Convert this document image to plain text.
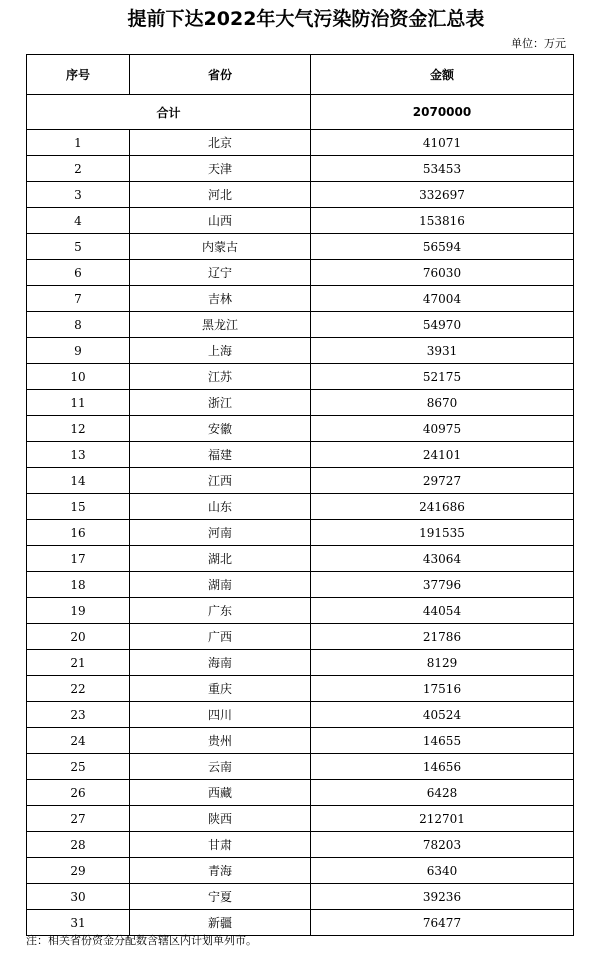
提前下达2022年大气污染防治资金汇总表
单位：万元
序号	省份	金额
合计		2070000
1	北京	41071
2	天津	53453
3	河北	332697
4	山西	153816
5	内蒙古	56594
6	辽宁	76030
7	吉林	47004
8	黑龙江	54970
9	上海	3931
10	江苏	52175
11	浙江	8670
12	安徽	40975
13	福建	24101
14	江西	29727
15	山东	241686
16	河南	191535
17	湖北	43064
18	湖南	37796
19	广东	44054
20	广西	21786
21	海南	8129
22	重庆	17516
23	四川	40524
24	贵州	14655
25	云南	14656
26	西藏	6428
27	陕西	212701
28	甘肃	78203
29	青海	6340
30	宁夏	39236
31	新疆	76477
注：相关省份资金分配数含辖区内计划单列市。
